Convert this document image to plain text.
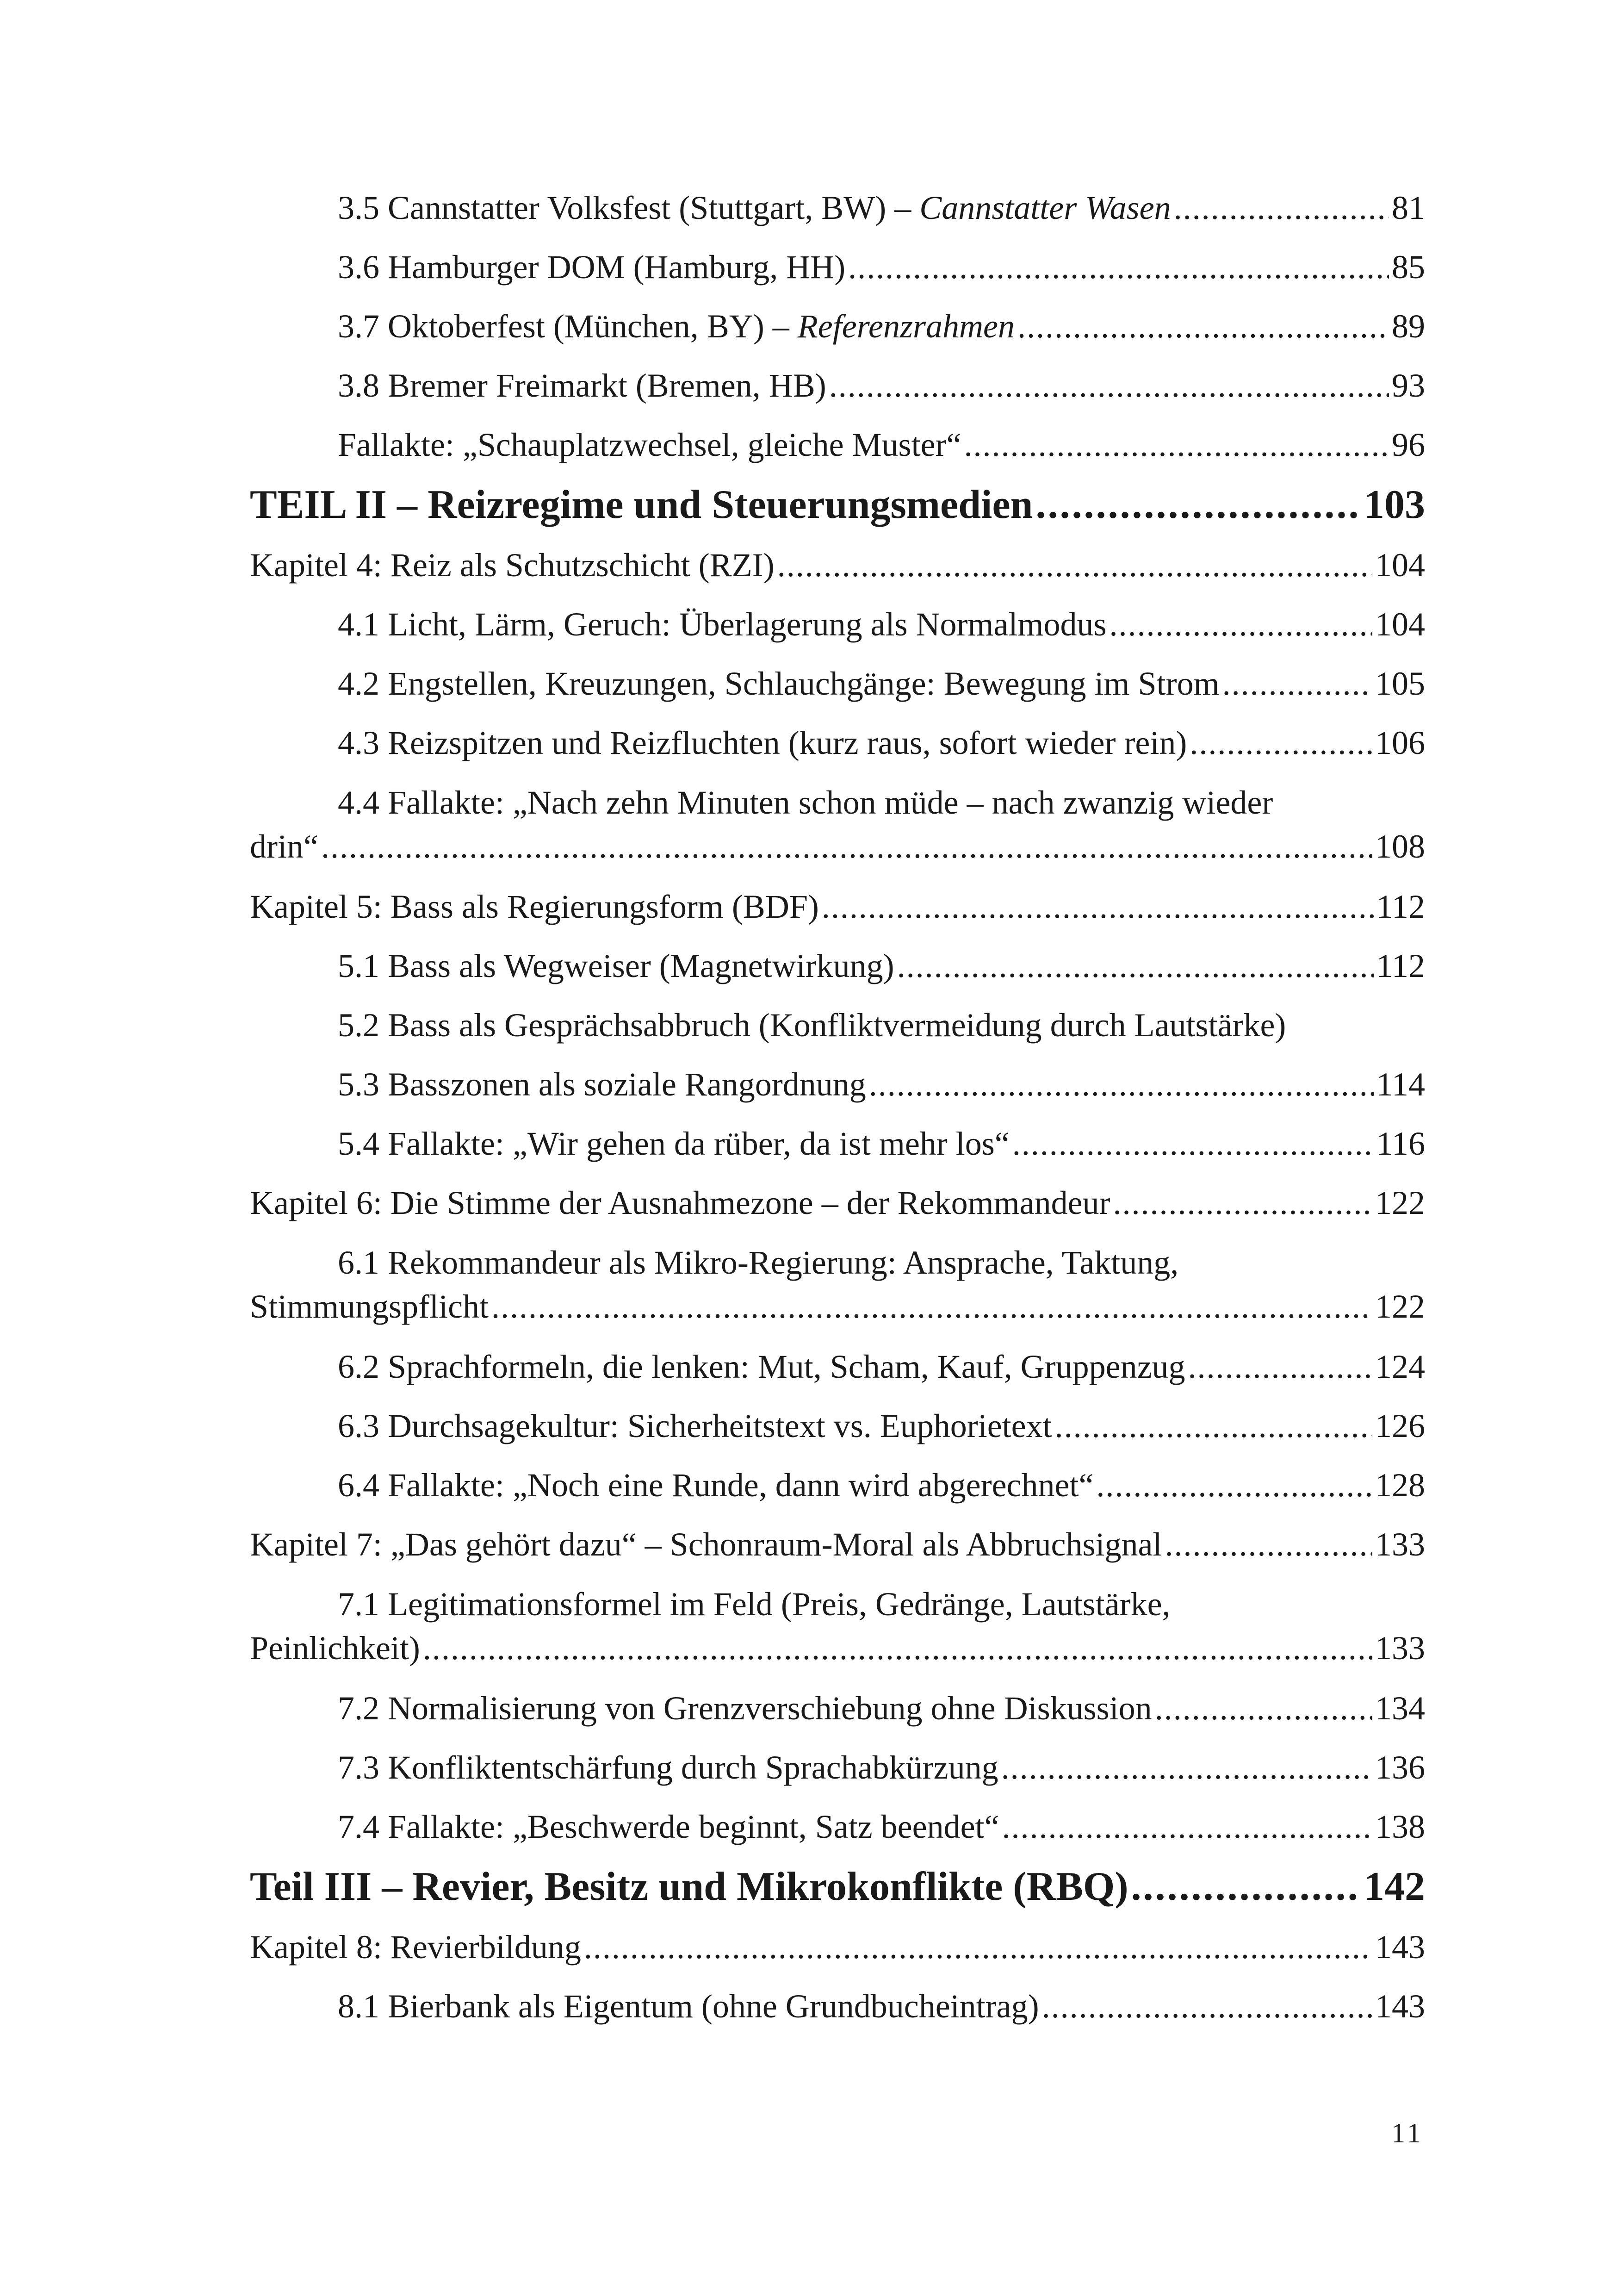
3.5 Cannstatter Volksfest (Stuttgart, BW) – Cannstatter Wasen .....	81
3.6 Hamburger DOM (Hamburg, HH) .....	85
3.7 Oktoberfest (München, BY) – Referenzrahmen .....	89
3.8 Bremer Freimarkt (Bremen, HB) .....	93
Fallakte: „Schauplatzwechsel, gleiche Muster“ .....	96
TEIL II – Reizregime und Steuerungsmedien .....	103
Kapitel 4: Reiz als Schutzschicht (RZI) .....	104
4.1 Licht, Lärm, Geruch: Überlagerung als Normalmodus .....	104
4.2 Engstellen, Kreuzungen, Schlauchgänge: Bewegung im Strom .....	105
4.3 Reizspitzen und Reizfluchten (kurz raus, sofort wieder rein) .....	106
4.4 Fallakte: „Nach zehn Minuten schon müde – nach zwanzig wieder
drin“ .....	108
Kapitel 5: Bass als Regierungsform (BDF) .....	112
5.1 Bass als Wegweiser (Magnetwirkung) .....	112
5.2 Bass als Gesprächsabbruch (Konfliktvermeidung durch Lautstärke)
5.3 Basszonen als soziale Rangordnung .....	114
5.4 Fallakte: „Wir gehen da rüber, da ist mehr los“ .....	116
Kapitel 6: Die Stimme der Ausnahmezone – der Rekommandeur .....	122
6.1 Rekommandeur als Mikro-Regierung: Ansprache, Taktung,
Stimmungspflicht .....	122
6.2 Sprachformeln, die lenken: Mut, Scham, Kauf, Gruppenzug .....	124
6.3 Durchsagekultur: Sicherheitstext vs. Euphorietext .....	126
6.4 Fallakte: „Noch eine Runde, dann wird abgerechnet“ .....	128
Kapitel 7: „Das gehört dazu“ – Schonraum-Moral als Abbruchsignal .....	133
7.1 Legitimationsformel im Feld (Preis, Gedränge, Lautstärke,
Peinlichkeit) .....	133
7.2 Normalisierung von Grenzverschiebung ohne Diskussion .....	134
7.3 Konfliktentschärfung durch Sprachabkürzung .....	136
7.4 Fallakte: „Beschwerde beginnt, Satz beendet“ .....	138
Teil III – Revier, Besitz und Mikrokonflikte (RBQ) .....	142
Kapitel 8: Revierbildung .....	143
8.1 Bierbank als Eigentum (ohne Grundbucheintrag) .....	143
11
